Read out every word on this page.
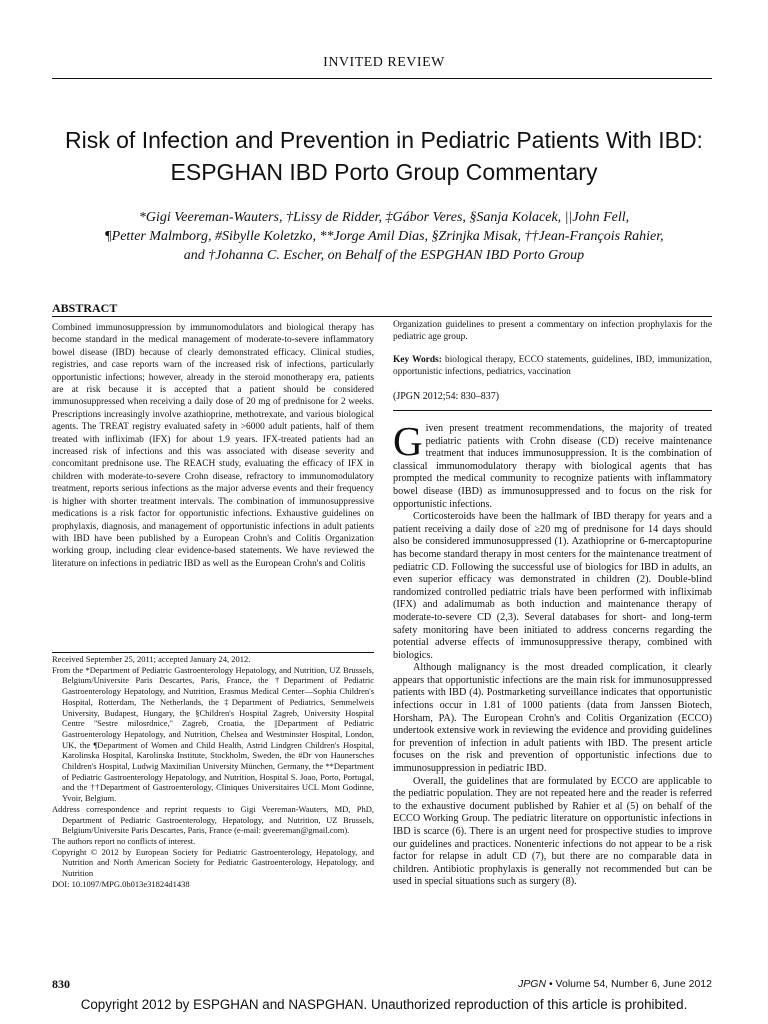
INVITED REVIEW
Risk of Infection and Prevention in Pediatric Patients With IBD: ESPGHAN IBD Porto Group Commentary
*Gigi Veereman-Wauters, †Lissy de Ridder, ‡Gábor Veres, §Sanja Kolacek, ||John Fell,
¶Petter Malmborg, #Sibylle Koletzko, **Jorge Amil Dias, §Zrinjka Misak, ††Jean-François Rahier,
and †Johanna C. Escher, on Behalf of the ESPGHAN IBD Porto Group
ABSTRACT
Combined immunosuppression by immunomodulators and biological therapy has become standard in the medical management of moderate-to-severe inflammatory bowel disease (IBD) because of clearly demonstrated efficacy. Clinical studies, registries, and case reports warn of the increased risk of infections, particularly opportunistic infections; however, already in the steroid monotherapy era, patients are at risk because it is accepted that a patient should be considered immunosuppressed when receiving a daily dose of 20 mg of prednisone for 2 weeks. Prescriptions increasingly involve azathioprine, methotrexate, and various biological agents. The TREAT registry evaluated safety in >6000 adult patients, half of them treated with infliximab (IFX) for about 1.9 years. IFX-treated patients had an increased risk of infections and this was associated with disease severity and concomitant prednisone use. The REACH study, evaluating the efficacy of IFX in children with moderate-to-severe Crohn disease, refractory to immunomodulatory treatment, reports serious infections as the major adverse events and their frequency is higher with shorter treatment intervals. The combination of immunosuppressive medications is a risk factor for opportunistic infections. Exhaustive guidelines on prophylaxis, diagnosis, and management of opportunistic infections in adult patients with IBD have been published by a European Crohn's and Colitis Organization working group, including clear evidence-based statements. We have reviewed the literature on infections in pediatric IBD as well as the European Crohn's and Colitis

Organization guidelines to present a commentary on infection prophylaxis for the pediatric age group.

Key Words: biological therapy, ECCO statements, guidelines, IBD, immunization, opportunistic infections, pediatrics, vaccination

(JPGN 2012;54: 830–837)

Given present treatment recommendations, the majority of treated pediatric patients with Crohn disease (CD) receive maintenance treatment that induces immunosuppression. It is the combination of classical immunomodulatory therapy with biological agents that has prompted the medical community to recognize patients with inflammatory bowel disease (IBD) as immunosuppressed and to focus on the risk for opportunistic infections.

Corticosteroids have been the hallmark of IBD therapy for years and a patient receiving a daily dose of ≥20 mg of prednisone for 14 days should also be considered immunosuppressed (1). Azathioprine or 6-mercaptopurine has become standard therapy in most centers for the maintenance treatment of pediatric CD. Following the successful use of biologics for IBD in adults, an even superior efficacy was demonstrated in children (2). Double-blind randomized controlled pediatric trials have been performed with infliximab (IFX) and adalimumab as both induction and maintenance therapy of moderate-to-severe CD (2,3). Several databases for short- and long-term safety monitoring have been initiated to address concerns regarding the potential adverse effects of immunosuppressive therapy, combined with biologics.

Although malignancy is the most dreaded complication, it clearly appears that opportunistic infections are the main risk for immunosuppressed patients with IBD (4). Postmarketing surveillance indicates that opportunistic infections occur in 1.81 of 1000 patients (data from Janssen Biotech, Horsham, PA). The European Crohn's and Colitis Organization (ECCO) undertook extensive work in reviewing the evidence and providing guidelines for prevention of infection in adult patients with IBD. The present article focuses on the risk and prevention of opportunistic infections due to immunosuppression in pediatric IBD.

Overall, the guidelines that are formulated by ECCO are applicable to the pediatric population. They are not repeated here and the reader is referred to the exhaustive document published by Rahier et al (5) on behalf of the ECCO Working Group. The pediatric literature on opportunistic infections in IBD is scarce (6). There is an urgent need for prospective studies to improve our guidelines and practices. Nonenteric infections do not appear to be a risk factor for relapse in adult CD (7), but there are no comparable data in children. Antibiotic prophylaxis is generally not recommended but can be used in special situations such as surgery (8).

Received September 25, 2011; accepted January 24, 2012.
From the *Department of Pediatric Gastroenterology Hepatology, and Nutrition, UZ Brussels, Belgium/Universite Paris Descartes, Paris, France, the †Department of Pediatric Gastroenterology Hepatology, and Nutrition, Erasmus Medical Center—Sophia Children's Hospital, Rotterdam, The Netherlands, the ‡Department of Pediatrics, Semmelweis University, Budapest, Hungary, the §Children's Hospital Zagreb, University Hospital Centre ''Sestre milosrdnice,'' Zagreb, Croatia, the ||Department of Pediatric Gastroenterology Hepatology, and Nutrition, Chelsea and Westminster Hospital, London, UK, the ¶Department of Women and Child Health, Astrid Lindgren Children's Hospital, Karolinska Hospital, Karolinska Institute, Stockholm, Sweden, the #Dr von Haunersches Children's Hospital, Ludwig Maximilian University München, Germany, the **Department of Pediatric Gastroenterology Hepatology, and Nutrition, Hospital S. Joao, Porto, Portugal, and the ††Department of Gastroenterology, Cliniques Universitaires UCL Mont Godinne, Yvoir, Belgium.
Address correspondence and reprint requests to Gigi Veereman-Wauters, MD, PhD, Department of Pediatric Gastroenterology, Hepatology, and Nutrition, UZ Brussels, Belgium/Universite Paris Descartes, Paris, France (e-mail: gveereman@gmail.com).
The authors report no conflicts of interest.
Copyright © 2012 by European Society for Pediatric Gastroenterology, Hepatology, and Nutrition and North American Society for Pediatric Gastroenterology, Hepatology, and Nutrition
DOI: 10.1097/MPG.0b013e31824d1438
830	JPGN • Volume 54, Number 6, June 2012
Copyright 2012 by ESPGHAN and NASPGHAN. Unauthorized reproduction of this article is prohibited.
